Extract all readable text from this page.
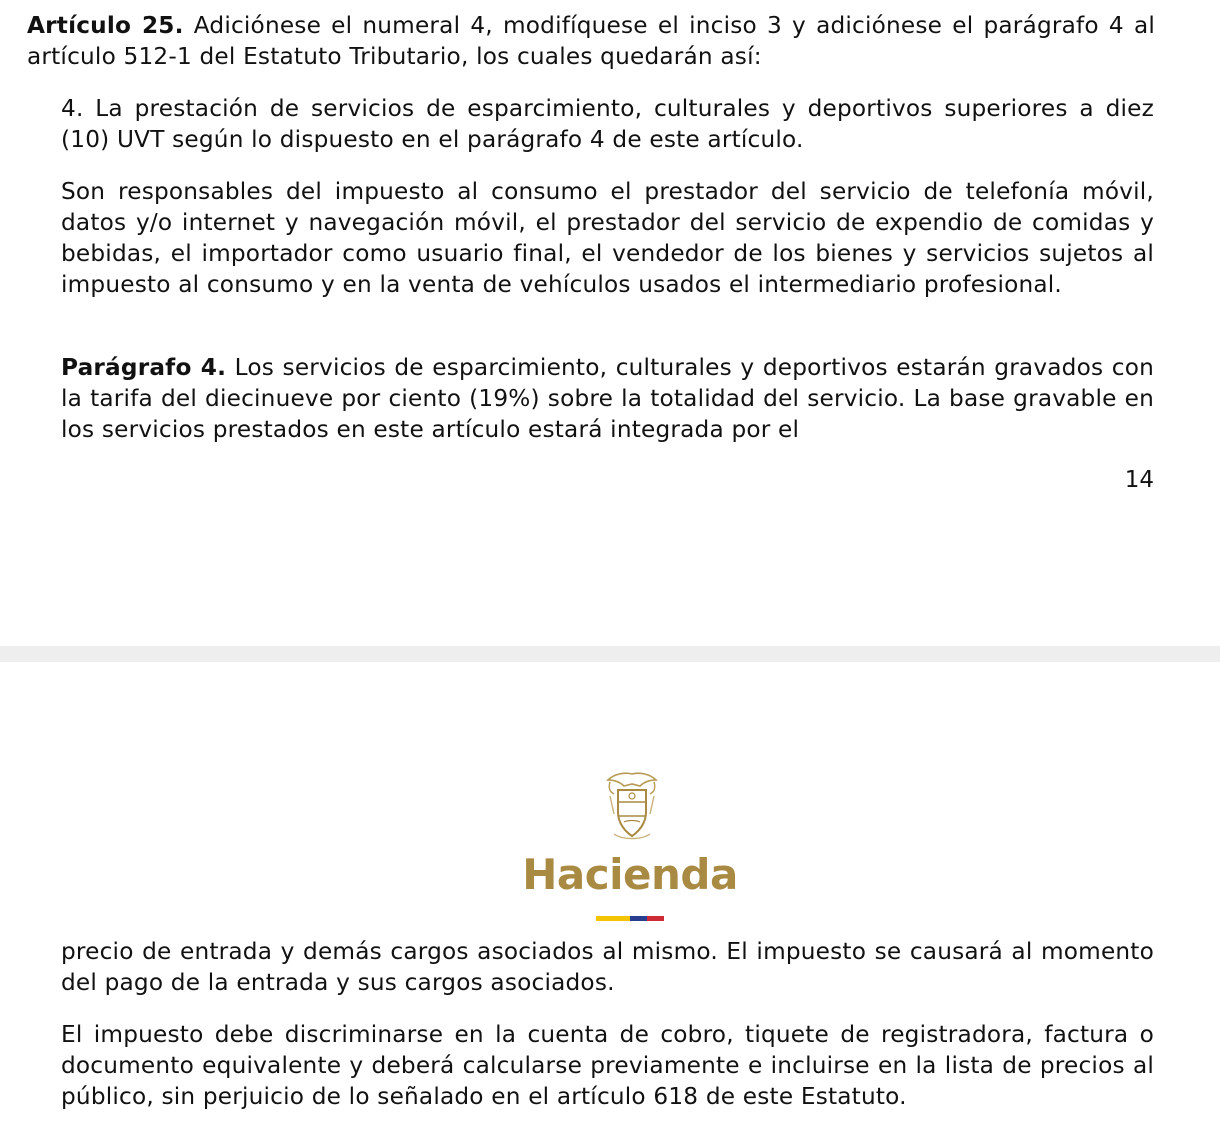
Artículo 25. Adiciónese el numeral 4, modifíquese el inciso 3 y adiciónese el parágrafo 4 al artículo 512-1 del Estatuto Tributario, los cuales quedarán así:

4. La prestación de servicios de esparcimiento, culturales y deportivos superiores a diez (10) UVT según lo dispuesto en el parágrafo 4 de este artículo.

Son responsables del impuesto al consumo el prestador del servicio de telefonía móvil, datos y/o internet y navegación móvil, el prestador del servicio de expendio de comidas y bebidas, el importador como usuario final, el vendedor de los bienes y servicios sujetos al impuesto al consumo y en la venta de vehículos usados el intermediario profesional.

Parágrafo 4. Los servicios de esparcimiento, culturales y deportivos estarán gravados con la tarifa del diecinueve por ciento (19%) sobre la totalidad del servicio. La base gravable en los servicios prestados en este artículo estará integrada por el

14
Hacienda

precio de entrada y demás cargos asociados al mismo. El impuesto se causará al momento del pago de la entrada y sus cargos asociados.

El impuesto debe discriminarse en la cuenta de cobro, tiquete de registradora, factura o documento equivalente y deberá calcularse previamente e incluirse en la lista de precios al público, sin perjuicio de lo señalado en el artículo 618 de este Estatuto.
